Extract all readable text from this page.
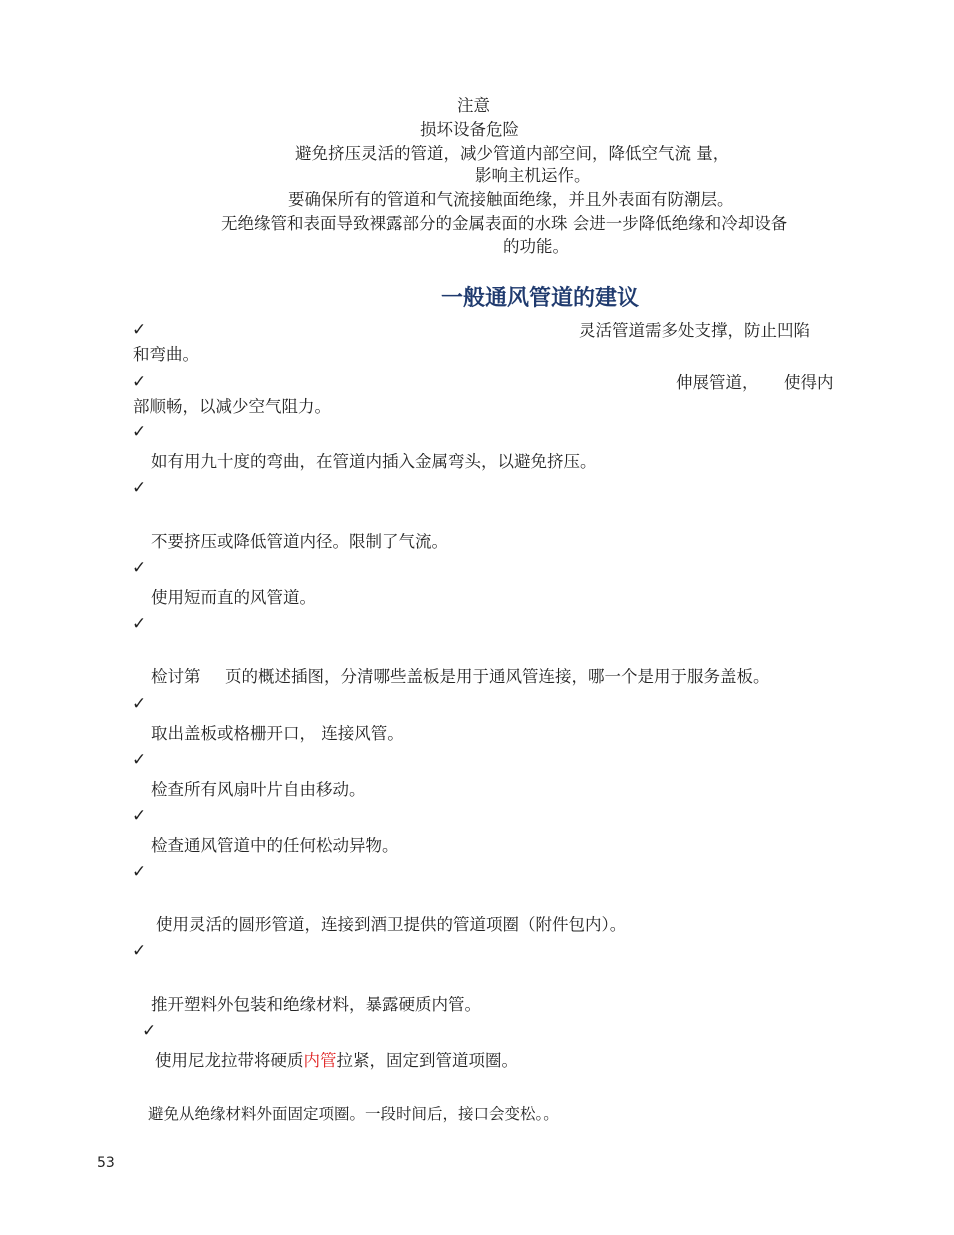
注意
损坏设备危险
避免挤压灵活的管道，减少管道内部空间，降低空气流 量，
影响主机运作。
要确保所有的管道和气流接触面绝缘，并且外表面有防潮层。
无绝缘管和表面导致裸露部分的金属表面的水珠 会进一步降低绝缘和冷却设备
的功能。
一般通风管道的建议
✓	灵活管道需多处支撑，防止凹陷
和弯曲。
✓	伸展管道， 使得内
部顺畅，以减少空气阻力。
✓
如有用九十度的弯曲，在管道内插入金属弯头，以避免挤压。
✓
不要挤压或降低管道内径。限制了气流。
✓
使用短而直的风管道。
✓
检讨第 页的概述插图，分清哪些盖板是用于通风管连接，哪一个是用于服务盖板。
✓
取出盖板或格栅开口， 连接风管。
✓
检查所有风扇叶片自由移动。
✓
检查通风管道中的任何松动异物。
✓
使用灵活的圆形管道，连接到酒卫提供的管道项圈（附件包内）。
✓
推开塑料外包装和绝缘材料，暴露硬质内管。
✓
使用尼龙拉带将硬质内管拉紧，固定到管道项圈。
避免从绝缘材料外面固定项圈。一段时间后，接口会变松。。
53
